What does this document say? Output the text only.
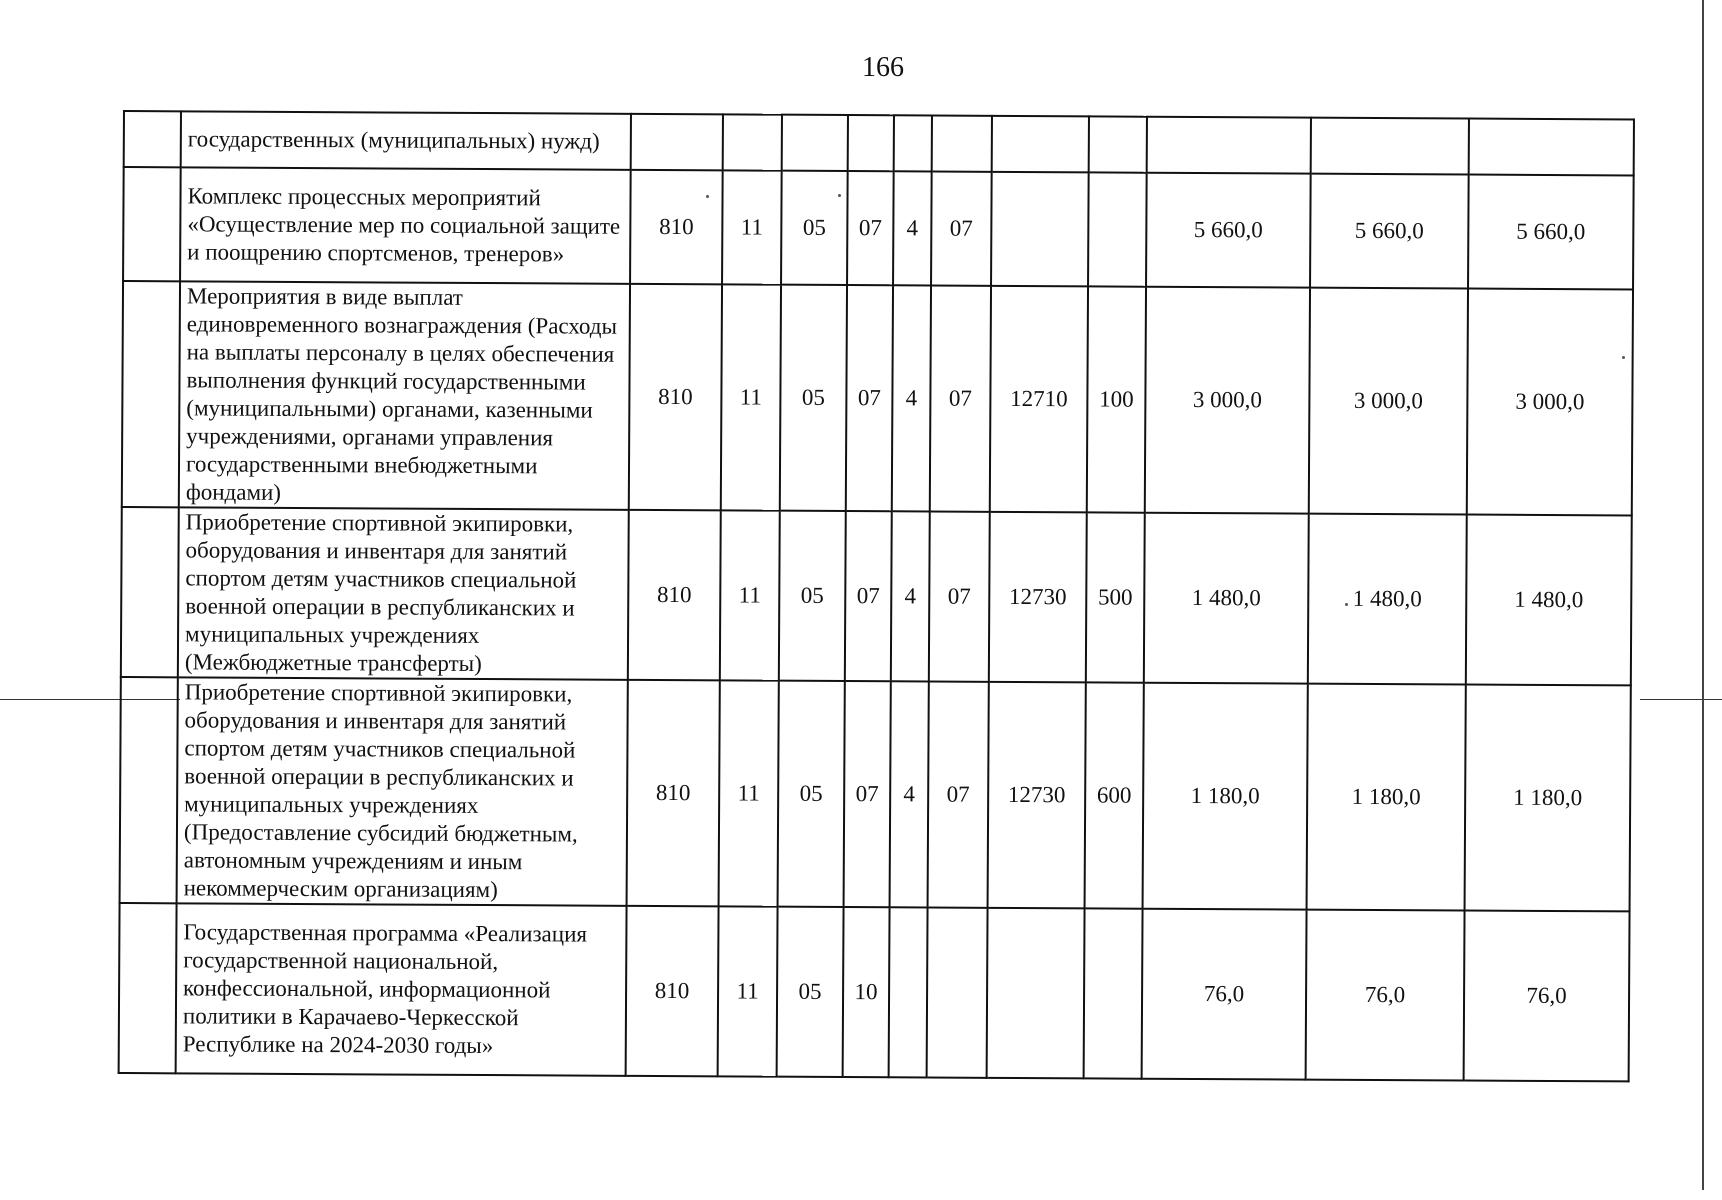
166
	государственных (муниципальных) нужд)											
	Комплекс процессных мероприятий «Осуществление мер по социальной защите и поощрению спортсменов, тренеров»	810	11	05	07	4	07			5 660,0	5 660,0	5 660,0
	Мероприятия в виде выплат единовременного вознаграждения (Расходы на выплаты персоналу в целях обеспечения выполнения функций государственными (муниципальными) органами, казенными учреждениями, органами управления государственными внебюджетными фондами)	810	11	05	07	4	07	12710	100	3 000,0	3 000,0	3 000,0
	Приобретение спортивной экипировки, оборудования и инвентаря для занятий спортом детям участников специальной военной операции в республиканских и муниципальных учреждениях (Межбюджетные трансферты)	810	11	05	07	4	07	12730	500	1 480,0	1 480,0	1 480,0
	Приобретение спортивной экипировки, оборудования и инвентаря для занятий спортом детям участников специальной военной операции в республиканских и муниципальных учреждениях (Предоставление субсидий бюджетным, автономным учреждениям и иным некоммерческим организациям)	810	11	05	07	4	07	12730	600	1 180,0	1 180,0	1 180,0
	Государственная программа «Реализация государственной национальной, конфессиональной, информационной политики в Карачаево-Черкесской Республике на 2024-2030 годы»	810	11	05	10					76,0	76,0	76,0
